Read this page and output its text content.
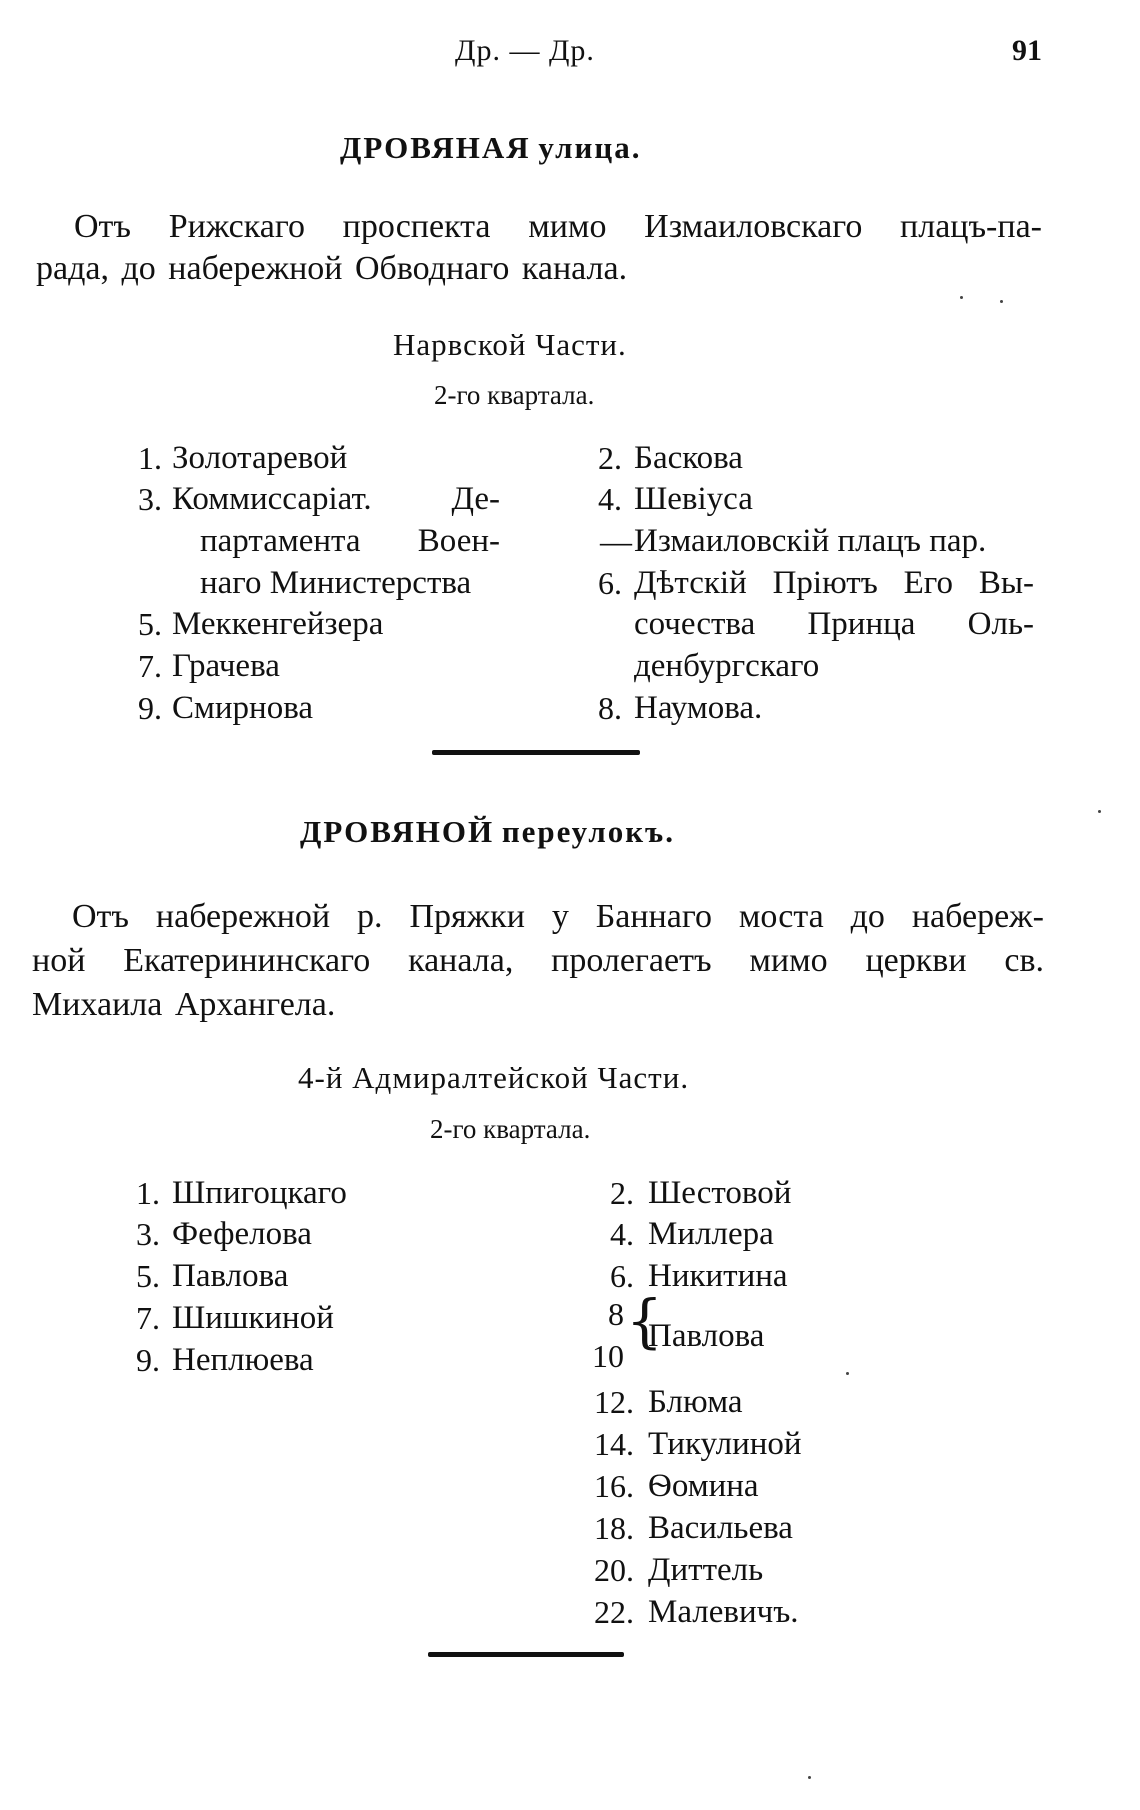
Др. — Др.	91
ДРОВЯНАЯ улица.
Отъ Рижскаго проспекта мимо Измаиловскаго плацъ-па-
рада, до набережной Обводнаго канала.
Нарвской Части.
2-го квартала.
1. Золотаревой
3. Коммиссаріат. Де-
партамента Воен-
наго Министерства
5. Меккенгейзера
7. Грачева
9. Смирнова
2. Баскова
4. Шевіуса
— Измаиловскій плацъ пар.
6. Дѣтскій Пріютъ Его Вы-
сочества Принца Оль-
денбургскаго
8. Наумова.
ДРОВЯНОЙ переулокъ.
Отъ набережной р. Пряжки у Баннаго моста до набереж-
ной Екатерининскаго канала, пролегаетъ мимо церкви св.
Михаила Архангела.
4-й Адмиралтейской Части.
2-го квартала.
1. Шпигоцкаго
3. Фефелова
5. Павлова
7. Шишкиной
9. Неплюева
2. Шестовой
4. Миллера
6. Никитина
8
10
{
Павлова
12. Блюма
14. Тикулиной
16. Ѳомина
18. Васильева
20. Диттель
22. Малевичъ.
